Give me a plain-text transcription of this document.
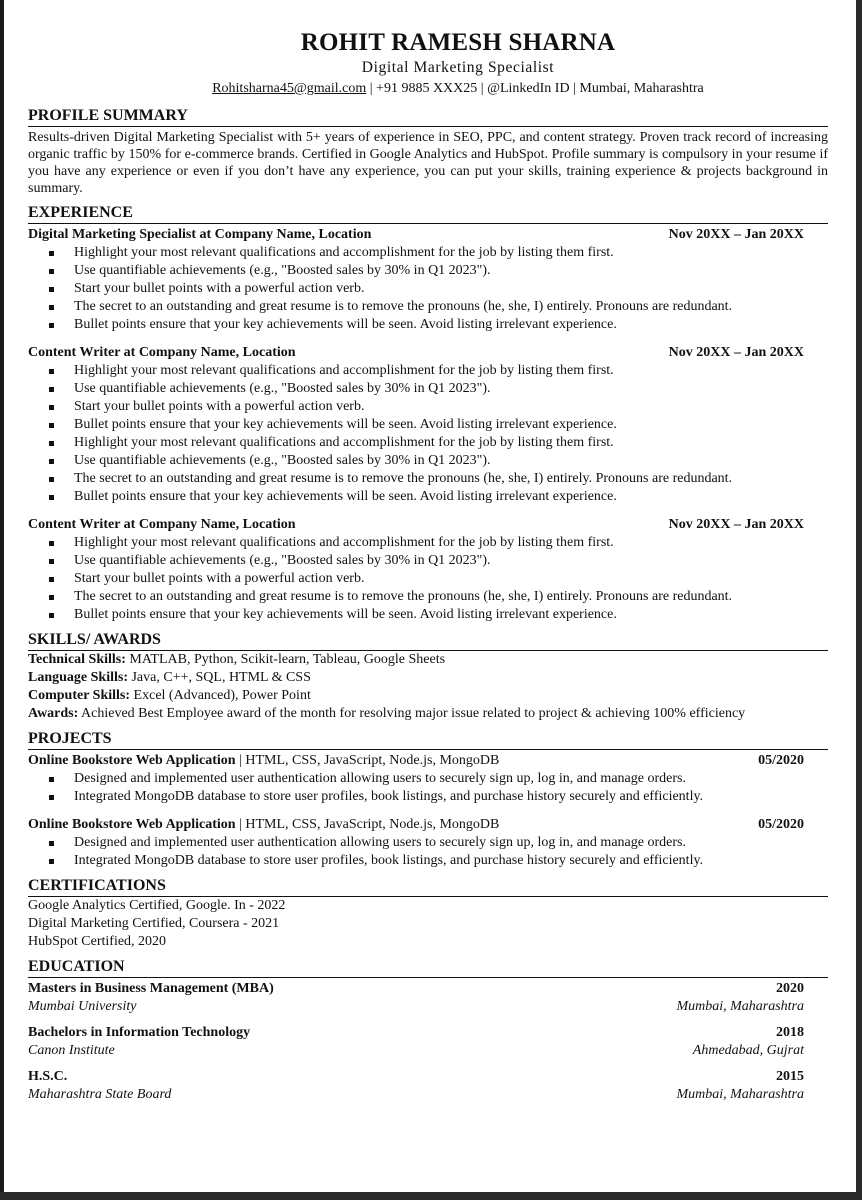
ROHIT RAMESH SHARNA
Digital Marketing Specialist
Rohitsharna45@gmail.com | +91 9885 XXX25 | @LinkedIn ID | Mumbai, Maharashtra
PROFILE SUMMARY
Results-driven Digital Marketing Specialist with 5+ years of experience in SEO, PPC, and content strategy. Proven track record of increasing organic traffic by 150% for e-commerce brands. Certified in Google Analytics and HubSpot. Profile summary is compulsory in your resume if you have any experience or even if you don’t have any experience, you can put your skills, training experience & projects background in summary.
EXPERIENCE
Digital Marketing Specialist at Company Name, Location	Nov 20XX – Jan 20XX
Highlight your most relevant qualifications and accomplishment for the job by listing them first.
Use quantifiable achievements (e.g., "Boosted sales by 30% in Q1 2023").
Start your bullet points with a powerful action verb.
The secret to an outstanding and great resume is to remove the pronouns (he, she, I) entirely. Pronouns are redundant.
Bullet points ensure that your key achievements will be seen. Avoid listing irrelevant experience.
Content Writer at Company Name, Location	Nov 20XX – Jan 20XX
Highlight your most relevant qualifications and accomplishment for the job by listing them first.
Use quantifiable achievements (e.g., "Boosted sales by 30% in Q1 2023").
Start your bullet points with a powerful action verb.
Bullet points ensure that your key achievements will be seen. Avoid listing irrelevant experience.
Highlight your most relevant qualifications and accomplishment for the job by listing them first.
Use quantifiable achievements (e.g., "Boosted sales by 30% in Q1 2023").
The secret to an outstanding and great resume is to remove the pronouns (he, she, I) entirely. Pronouns are redundant.
Bullet points ensure that your key achievements will be seen. Avoid listing irrelevant experience.
Content Writer at Company Name, Location	Nov 20XX – Jan 20XX
Highlight your most relevant qualifications and accomplishment for the job by listing them first.
Use quantifiable achievements (e.g., "Boosted sales by 30% in Q1 2023").
Start your bullet points with a powerful action verb.
The secret to an outstanding and great resume is to remove the pronouns (he, she, I) entirely. Pronouns are redundant.
Bullet points ensure that your key achievements will be seen. Avoid listing irrelevant experience.
SKILLS/ AWARDS
Technical Skills: MATLAB, Python, Scikit-learn, Tableau, Google Sheets
Language Skills: Java, C++, SQL, HTML & CSS
Computer Skills: Excel (Advanced), Power Point
Awards: Achieved Best Employee award of the month for resolving major issue related to project & achieving 100% efficiency
PROJECTS
Online Bookstore Web Application | HTML, CSS, JavaScript, Node.js, MongoDB	05/2020
Designed and implemented user authentication allowing users to securely sign up, log in, and manage orders.
Integrated MongoDB database to store user profiles, book listings, and purchase history securely and efficiently.
Online Bookstore Web Application | HTML, CSS, JavaScript, Node.js, MongoDB	05/2020
Designed and implemented user authentication allowing users to securely sign up, log in, and manage orders.
Integrated MongoDB database to store user profiles, book listings, and purchase history securely and efficiently.
CERTIFICATIONS
Google Analytics Certified, Google. In - 2022
Digital Marketing Certified, Coursera - 2021
HubSpot Certified, 2020
EDUCATION
Masters in Business Management (MBA)	2020
Mumbai University	Mumbai, Maharashtra
Bachelors in Information Technology	2018
Canon Institute	Ahmedabad, Gujrat
H.S.C.	2015
Maharashtra State Board	Mumbai, Maharashtra
